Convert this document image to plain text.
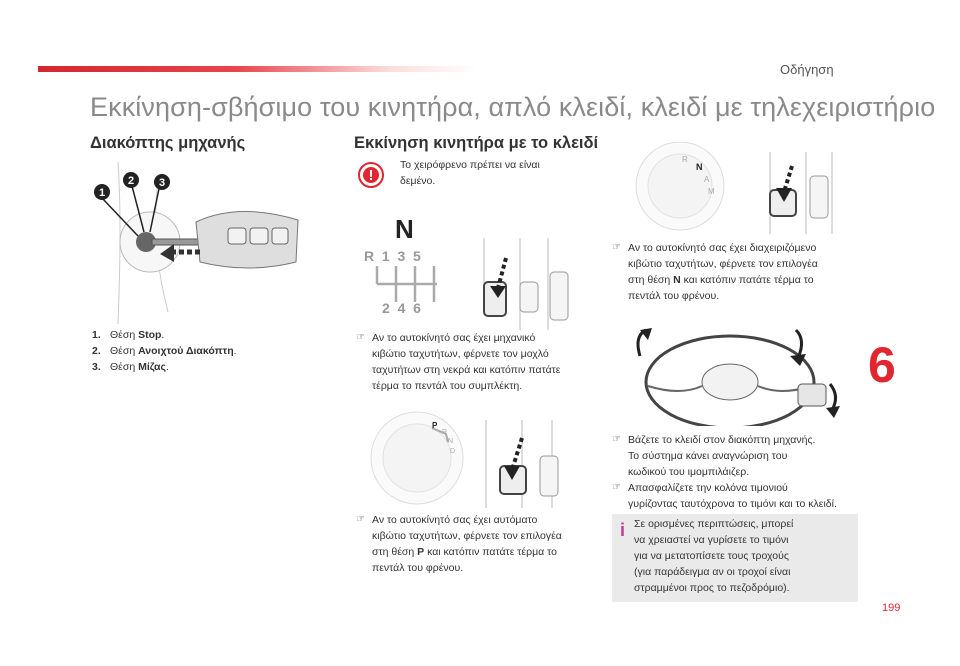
Οδήγηση
Εκκίνηση-σβήσιμο του κινητήρα, απλό κλειδί, κλειδί με τηλεχειριστήριο
Διακόπτης μηχανής
1
2 3
1. Θέση Stop.
2. Θέση Ανοιχτού Διακόπτη.
3. Θέση Μίζας.
Εκκίνηση κινητήρα με το κλειδί
Το χειρόφρενο πρέπει να είναι
δεμένο.
N
R  1  3  5
2  4  6
☞ Αν το αυτοκίνητό σας έχει μηχανικό
κιβώτιο ταχυτήτων, φέρνετε τον μοχλό
ταχυτήτων στη νεκρά και κατόπιν πατάτε
τέρμα το πεντάλ του συμπλέκτη.
P
R
N
D
☞ Αν το αυτοκίνητό σας έχει αυτόματο
κιβώτιο ταχυτήτων, φέρνετε τον επιλογέα
στη θέση P και κατόπιν πατάτε τέρμα το
πεντάλ του φρένου.
R
N
A
M
☞ Αν το αυτοκίνητό σας έχει διαχειριζόμενο
κιβώτιο ταχυτήτων, φέρνετε τον επιλογέα
στη θέση N και κατόπιν πατάτε τέρμα το
πεντάλ του φρένου.
☞ Βάζετε το κλειδί στον διακόπτη μηχανής.
Το σύστημα κάνει αναγνώριση του
κωδικού του ιμομπιλάιζερ.
☞ Απασφαλίζετε την κολόνα τιμονιού
γυρίζοντας ταυτόχρονα το τιμόνι και το κλειδί.
i Σε ορισμένες περιπτώσεις, μπορεί
να χρειαστεί να γυρίσετε το τιμόνι
για να μετατοπίσετε τους τροχούς
(για παράδειγμα αν οι τροχοί είναι
στραμμένοι προς το πεζοδρόμιο).
6
199
